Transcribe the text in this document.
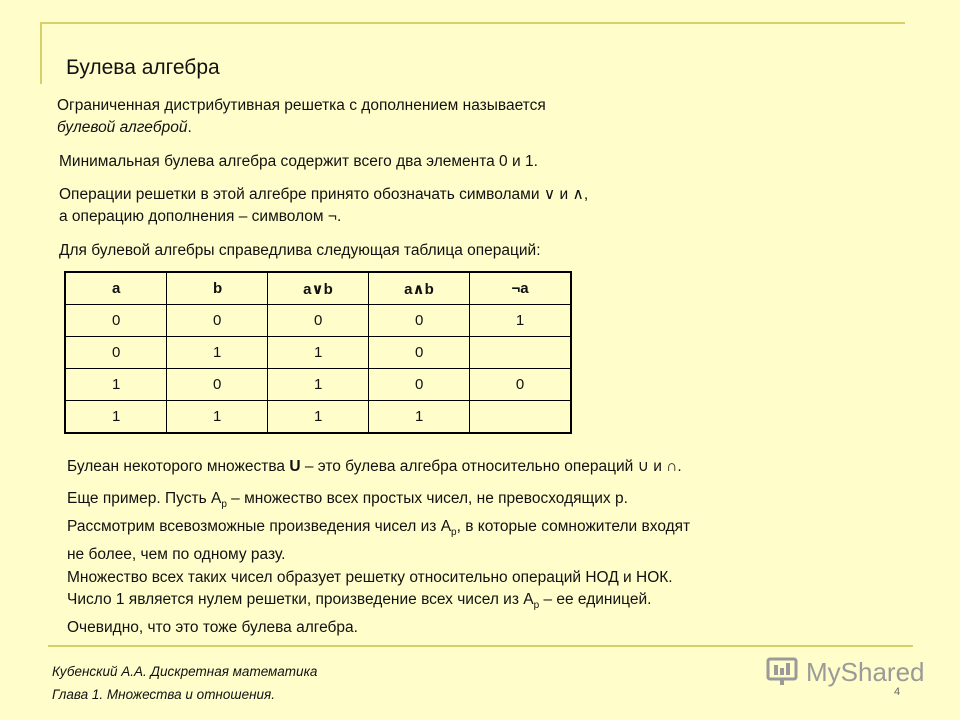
Булева алгебра
Ограниченная дистрибутивная решетка с дополнением называется
булевой алгеброй.
Минимальная булева алгебра содержит всего два элемента 0 и 1.
Операции решетки в этой алгебре принято обозначать символами ∨ и ∧,
а операцию дополнения – символом ¬.
Для булевой алгебры справедлива следующая таблица операций:
a	b	a∨b	a∧b	¬a
0	0	0	0	1
0	1	1	0	
1	0	1	0	0
1	1	1	1	
Булеан некоторого множества U – это булева алгебра относительно операций ∪ и ∩.
Еще пример. Пусть $A_p$ – множество всех простых чисел, не превосходящих p.
Рассмотрим всевозможные произведения чисел из $A_p$, в которые сомножители входят
не более, чем по одному разу.
Множество всех таких чисел образует решетку относительно операций НОД и НОК.
Число 1 является нулем решетки, произведение всех чисел из $A_p$ – ее единицей.
Очевидно, что это тоже булева алгебра.
Кубенский А.А. Дискретная математика
Глава 1. Множества и отношения.
MyShared
4
